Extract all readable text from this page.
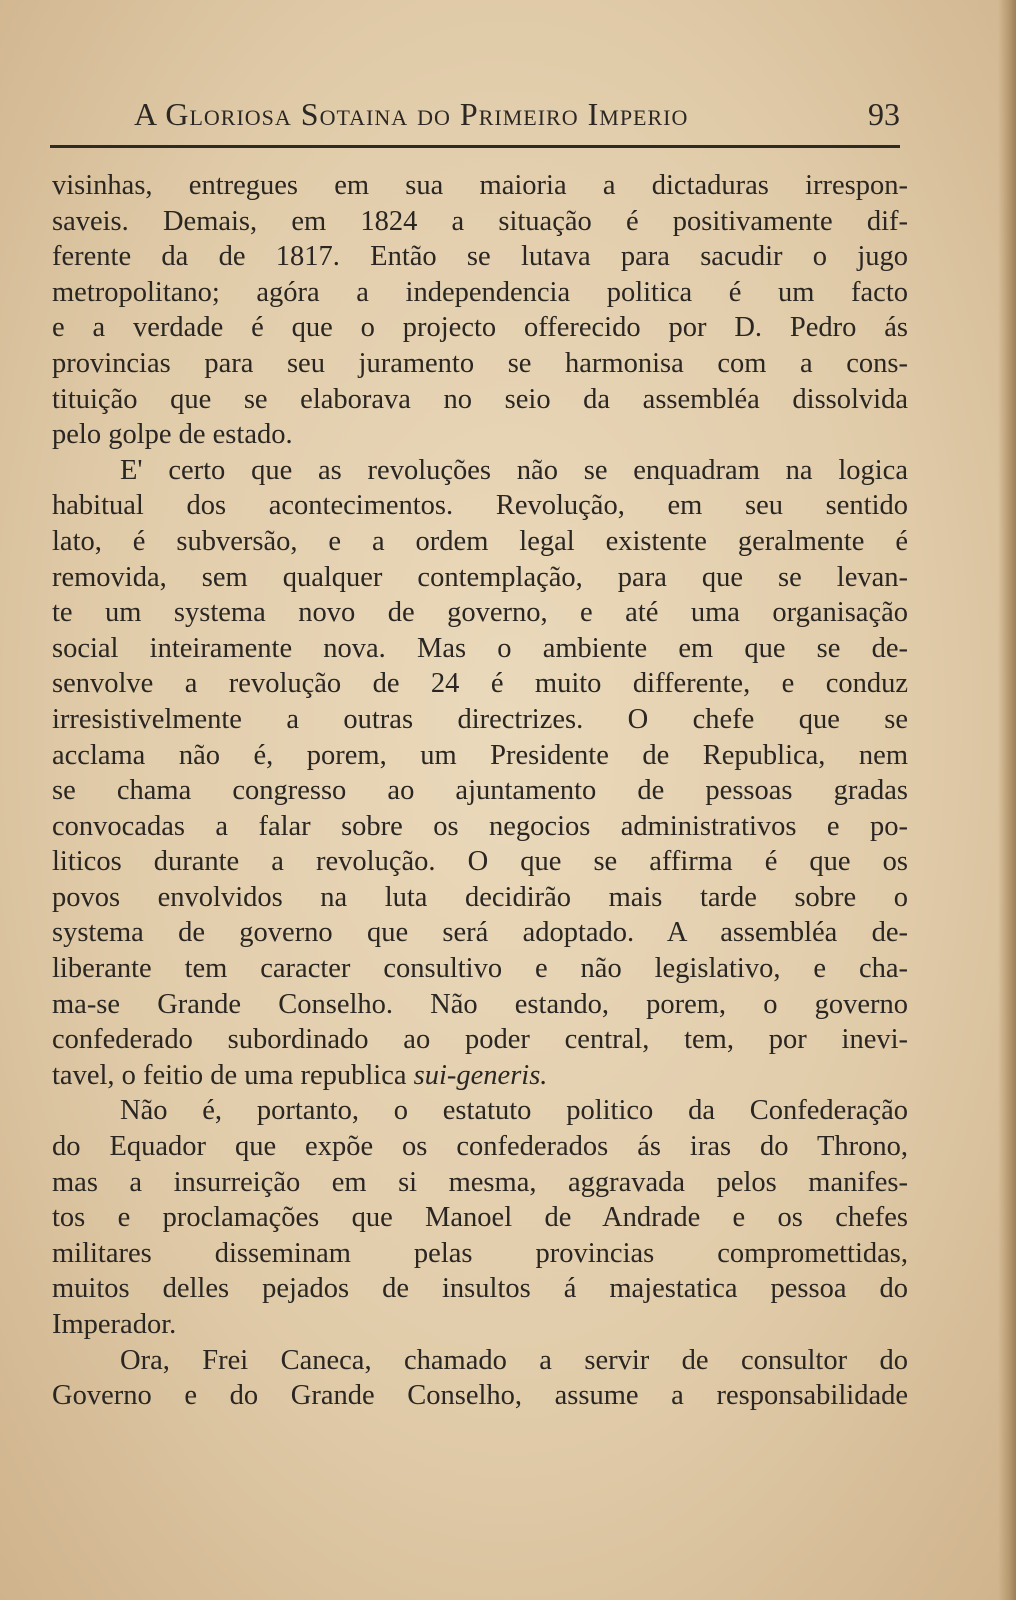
A Gloriosa Sotaina do Primeiro Imperio	93
visinhas, entregues em sua maioria a dictaduras irrespon-
saveis. Demais, em 1824 a situação é positivamente dif-
ferente da de 1817. Então se lutava para sacudir o jugo
metropolitano; agóra a independencia politica é um facto
e a verdade é que o projecto offerecido por D. Pedro ás
provincias para seu juramento se harmonisa com a cons-
tituição que se elaborava no seio da assembléa dissolvida
pelo golpe de estado.
E' certo que as revoluções não se enquadram na logica
habitual dos acontecimentos. Revolução, em seu sentido
lato, é subversão, e a ordem legal existente geralmente é
removida, sem qualquer contemplação, para que se levan-
te um systema novo de governo, e até uma organisação
social inteiramente nova. Mas o ambiente em que se de-
senvolve a revolução de 24 é muito differente, e conduz
irresistivelmente a outras directrizes. O chefe que se
acclama não é, porem, um Presidente de Republica, nem
se chama congresso ao ajuntamento de pessoas gradas
convocadas a falar sobre os negocios administrativos e po-
liticos durante a revolução. O que se affirma é que os
povos envolvidos na luta decidirão mais tarde sobre o
systema de governo que será adoptado. A assembléa de-
liberante tem caracter consultivo e não legislativo, e cha-
ma-se Grande Conselho. Não estando, porem, o governo
confederado subordinado ao poder central, tem, por inevi-
tavel, o feitio de uma republica sui-generis.
Não é, portanto, o estatuto politico da Confederação
do Equador que expõe os confederados ás iras do Throno,
mas a insurreição em si mesma, aggravada pelos manifes-
tos e proclamações que Manoel de Andrade e os chefes
militares disseminam pelas provincias compromettidas,
muitos delles pejados de insultos á majestatica pessoa do
Imperador.
Ora, Frei Caneca, chamado a servir de consultor do
Governo e do Grande Conselho, assume a responsabilidade
